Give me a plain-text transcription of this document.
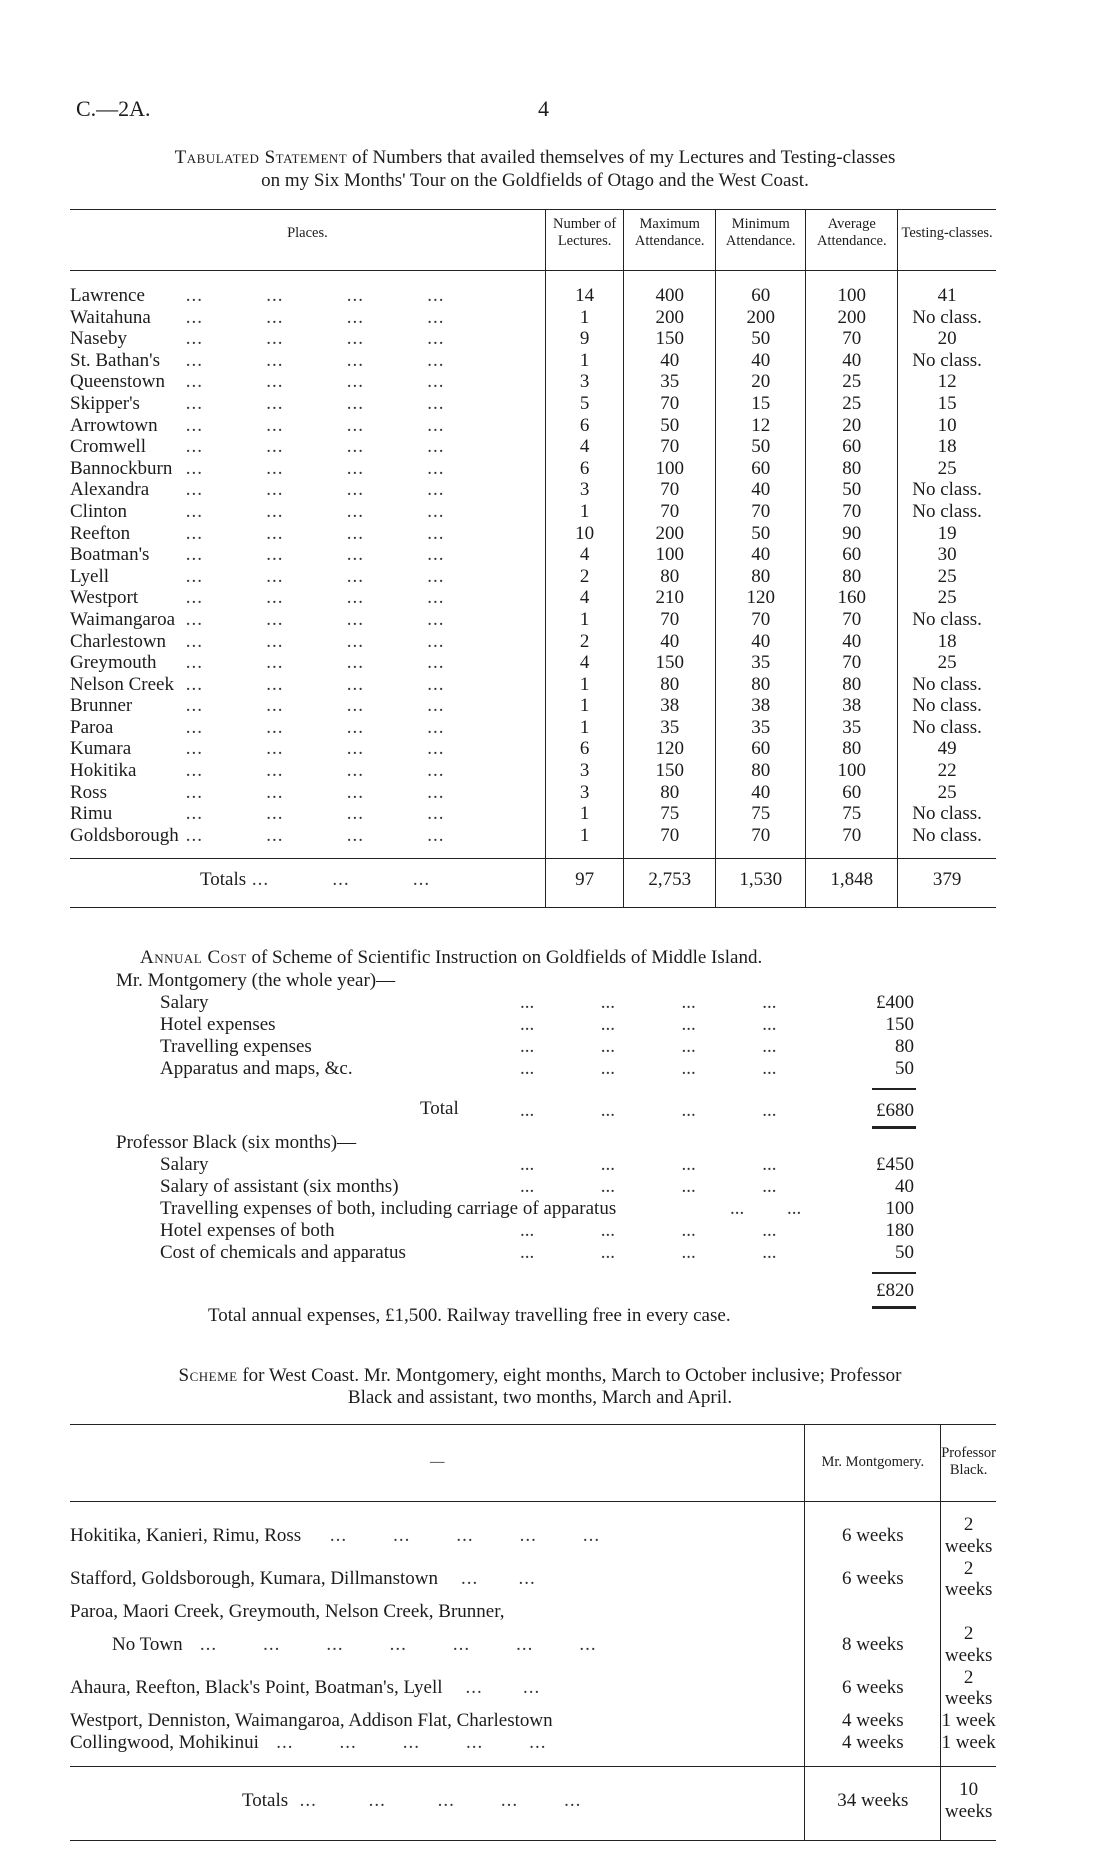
C.—2A.	4
Tabulated Statement of Numbers that availed themselves of my Lectures and Testing-classes
on my Six Months' Tour on the Goldfields of Otago and the West Coast.
Places.	Number of Lectures.	Maximum Attendance.	Minimum Attendance.	Average Attendance.	Testing-classes.
Lawrence ...           ...           ...           ...	14	400	60	100	41
Waitahuna ...           ...           ...           ...	1	200	200	200	No class.
Naseby ...           ...           ...           ...	9	150	50	70	20
St. Bathan's ...           ...           ...           ...	1	40	40	40	No class.
Queenstown ...           ...           ...           ...	3	35	20	25	12
Skipper's ...           ...           ...           ...	5	70	15	25	15
Arrowtown ...           ...           ...           ...	6	50	12	20	10
Cromwell ...           ...           ...           ...	4	70	50	60	18
Bannockburn ...           ...           ...           ...	6	100	60	80	25
Alexandra ...           ...           ...           ...	3	70	40	50	No class.
Clinton ...           ...           ...           ...	1	70	70	70	No class.
Reefton ...           ...           ...           ...	10	200	50	90	19
Boatman's ...           ...           ...           ...	4	100	40	60	30
Lyell ...           ...           ...           ...	2	80	80	80	25
Westport ...           ...           ...           ...	4	210	120	160	25
Waimangaroa ...           ...           ...           ...	1	70	70	70	No class.
Charlestown ...           ...           ...           ...	2	40	40	40	18
Greymouth ...           ...           ...           ...	4	150	35	70	25
Nelson Creek ...           ...           ...           ...	1	80	80	80	No class.
Brunner ...           ...           ...           ...	1	38	38	38	No class.
Paroa ...           ...           ...           ...	1	35	35	35	No class.
Kumara ...           ...           ...           ...	6	120	60	80	49
Hokitika ...           ...           ...           ...	3	150	80	100	22
Ross ...           ...           ...           ...	3	80	40	60	25
Rimu ...           ...           ...           ...	1	75	75	75	No class.
Goldsborough ...           ...           ...           ...	1	70	70	70	No class.
Totals ...           ...           ...	97	2,753	1,530	1,848	379
Annual Cost of Scheme of Scientific Instruction on Goldfields of Middle Island.
Mr. Montgomery (the whole year)—
Salary	...              ...              ...              ...	£400
Hotel expenses	...              ...              ...              ...	150
Travelling expenses	...              ...              ...              ...	80
Apparatus and maps, &c.	...              ...              ...              ...	50
Total	...              ...              ...              ...	£680
Professor Black (six months)—
Salary	...              ...              ...              ...	£450
Salary of assistant (six months)	...              ...              ...              ...	40
Travelling expenses of both, including carriage of apparatus	...         ...	100
Hotel expenses of both	...              ...              ...              ...	180
Cost of chemicals and apparatus	...              ...              ...              ...	50
£820
Total annual expenses, £1,500. Railway travelling free in every case.
Scheme for West Coast. Mr. Montgomery, eight months, March to October inclusive; Professor
Black and assistant, two months, March and April.
—	Mr. Montgomery.	Professor Black.
Hokitika, Kanieri, Rimu, Ross     ...        ...        ...        ...        ...	6 weeks	2 weeks
Stafford, Goldsborough, Kumara, Dillmanstown    ...       ...	6 weeks	2 weeks
Paroa, Maori Creek, Greymouth, Nelson Creek, Brunner,		
No Town   ...        ...        ...        ...        ...        ...        ...	8 weeks	2 weeks
Ahaura, Reefton, Black's Point, Boatman's, Lyell    ...       ...	6 weeks	2 weeks
Westport, Denniston, Waimangaroa, Addison Flat, Charlestown	4 weeks	1 week
Collingwood, Mohikinui   ...        ...        ...        ...        ...	4 weeks	1 week
Totals  ...         ...         ...        ...        ...	34 weeks	10 weeks
